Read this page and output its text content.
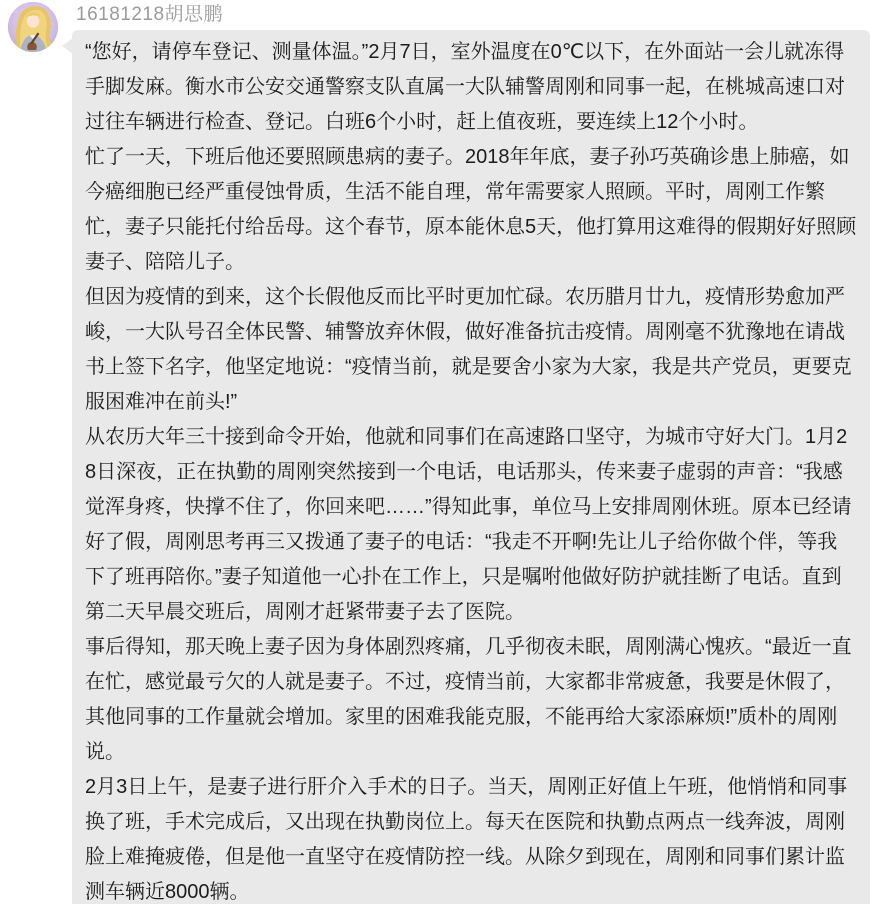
16181218胡思鹏

“您好，请停车登记、测量体温。”2月7日，室外温度在0℃以下，在外面站一会儿就冻得手脚发麻。衡水市公安交通警察支队直属一大队辅警周刚和同事一起，在桃城高速口对过往车辆进行检查、登记。白班6个小时，赶上值夜班，要连续上12个小时。

忙了一天，下班后他还要照顾患病的妻子。2018年年底，妻子孙巧英确诊患上肺癌，如今癌细胞已经严重侵蚀骨质，生活不能自理，常年需要家人照顾。平时，周刚工作繁忙，妻子只能托付给岳母。这个春节，原本能休息5天，他打算用这难得的假期好好照顾妻子、陪陪儿子。

但因为疫情的到来，这个长假他反而比平时更加忙碌。农历腊月廿九，疫情形势愈加严峻，一大队号召全体民警、辅警放弃休假，做好准备抗击疫情。周刚毫不犹豫地在请战书上签下名字，他坚定地说：“疫情当前，就是要舍小家为大家，我是共产党员，更要克服困难冲在前头!”

从农历大年三十接到命令开始，他就和同事们在高速路口坚守，为城市守好大门。1月28日深夜，正在执勤的周刚突然接到一个电话，电话那头，传来妻子虚弱的声音：“我感觉浑身疼，快撑不住了，你回来吧……”得知此事，单位马上安排周刚休班。原本已经请好了假，周刚思考再三又拨通了妻子的电话：“我走不开啊!先让儿子给你做个伴，等我下了班再陪你。”妻子知道他一心扑在工作上，只是嘱咐他做好防护就挂断了电话。直到第二天早晨交班后，周刚才赶紧带妻子去了医院。

事后得知，那天晚上妻子因为身体剧烈疼痛，几乎彻夜未眠，周刚满心愧疚。“最近一直在忙，感觉最亏欠的人就是妻子。不过，疫情当前，大家都非常疲惫，我要是休假了，其他同事的工作量就会增加。家里的困难我能克服，不能再给大家添麻烦!”质朴的周刚说。

2月3日上午，是妻子进行肝介入手术的日子。当天，周刚正好值上午班，他悄悄和同事换了班，手术完成后，又出现在执勤岗位上。每天在医院和执勤点两点一线奔波，周刚脸上难掩疲倦，但是他一直坚守在疫情防控一线。从除夕到现在，周刚和同事们累计监测车辆近8000辆。
